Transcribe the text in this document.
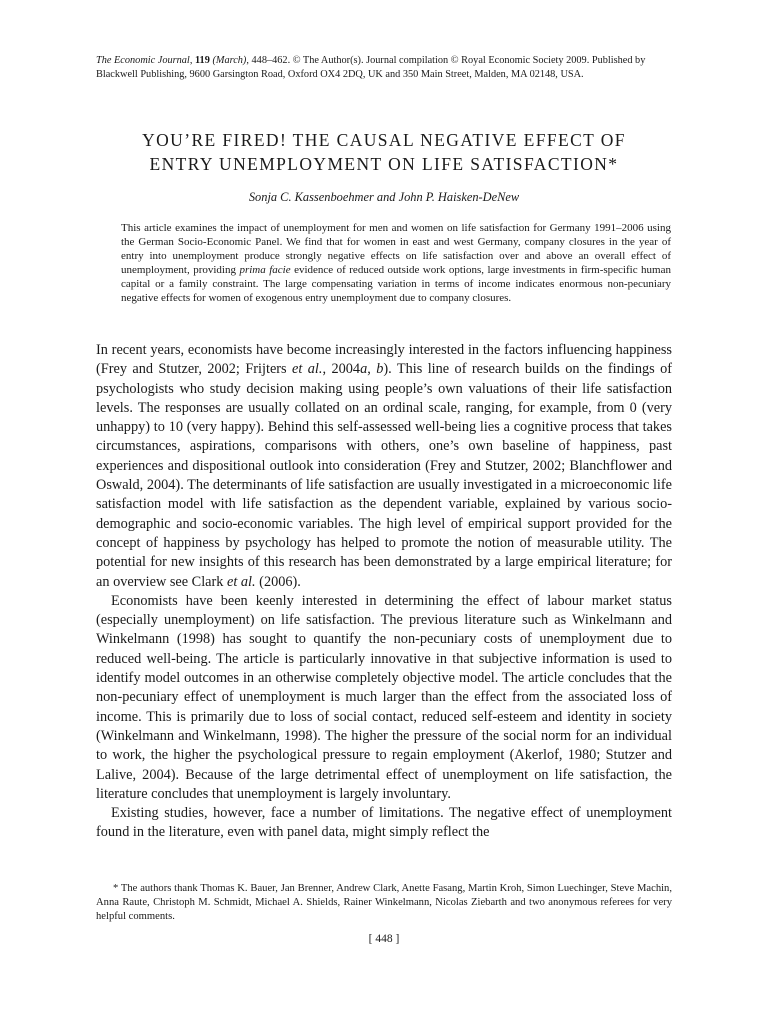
The Economic Journal, 119 (March), 448–462. © The Author(s). Journal compilation © Royal Economic Society 2009. Published by Blackwell Publishing, 9600 Garsington Road, Oxford OX4 2DQ, UK and 350 Main Street, Malden, MA 02148, USA.
YOU’RE FIRED! THE CAUSAL NEGATIVE EFFECT OF
ENTRY UNEMPLOYMENT ON LIFE SATISFACTION*
Sonja C. Kassenboehmer and John P. Haisken-DeNew
This article examines the impact of unemployment for men and women on life satisfaction for Germany 1991–2006 using the German Socio-Economic Panel. We find that for women in east and west Germany, company closures in the year of entry into unemployment produce strongly negative effects on life satisfaction over and above an overall effect of unemployment, providing prima facie evidence of reduced outside work options, large investments in firm-specific human capital or a family constraint. The large compensating variation in terms of income indicates enormous non-pecuniary negative effects for women of exogenous entry unemployment due to company closures.

In recent years, economists have become increasingly interested in the factors influencing happiness (Frey and Stutzer, 2002; Frijters et al., 2004a, b). This line of research builds on the findings of psychologists who study decision making using people’s own valuations of their life satisfaction levels. The responses are usually collated on an ordinal scale, ranging, for example, from 0 (very unhappy) to 10 (very happy). Behind this self-assessed well-being lies a cognitive process that takes circumstances, aspirations, comparisons with others, one’s own baseline of happiness, past experiences and dispositional outlook into consideration (Frey and Stutzer, 2002; Blanchflower and Oswald, 2004). The determinants of life satisfaction are usually investigated in a microeconomic life satisfaction model with life satisfaction as the dependent variable, explained by various socio-demographic and socio-economic variables. The high level of empirical support provided for the concept of happiness by psychology has helped to promote the notion of measurable utility. The potential for new insights of this research has been demonstrated by a large empirical literature; for an overview see Clark et al. (2006).

Economists have been keenly interested in determining the effect of labour market status (especially unemployment) on life satisfaction. The previous literature such as Winkelmann and Winkelmann (1998) has sought to quantify the non-pecuniary costs of unemployment due to reduced well-being. The article is particularly innovative in that subjective information is used to identify model outcomes in an otherwise completely objective model. The article concludes that the non-pecuniary effect of unemployment is much larger than the effect from the associated loss of income. This is primarily due to loss of social contact, reduced self-esteem and identity in society (Winkelmann and Winkelmann, 1998). The higher the pressure of the social norm for an individual to work, the higher the psychological pressure to regain employment (Akerlof, 1980; Stutzer and Lalive, 2004). Because of the large detrimental effect of unemployment on life satisfaction, the literature concludes that unemployment is largely involuntary.

Existing studies, however, face a number of limitations. The negative effect of unemployment found in the literature, even with panel data, might simply reflect the

* The authors thank Thomas K. Bauer, Jan Brenner, Andrew Clark, Anette Fasang, Martin Kroh, Simon Luechinger, Steve Machin, Anna Raute, Christoph M. Schmidt, Michael A. Shields, Rainer Winkelmann, Nicolas Ziebarth and two anonymous referees for very helpful comments.

[ 448 ]
